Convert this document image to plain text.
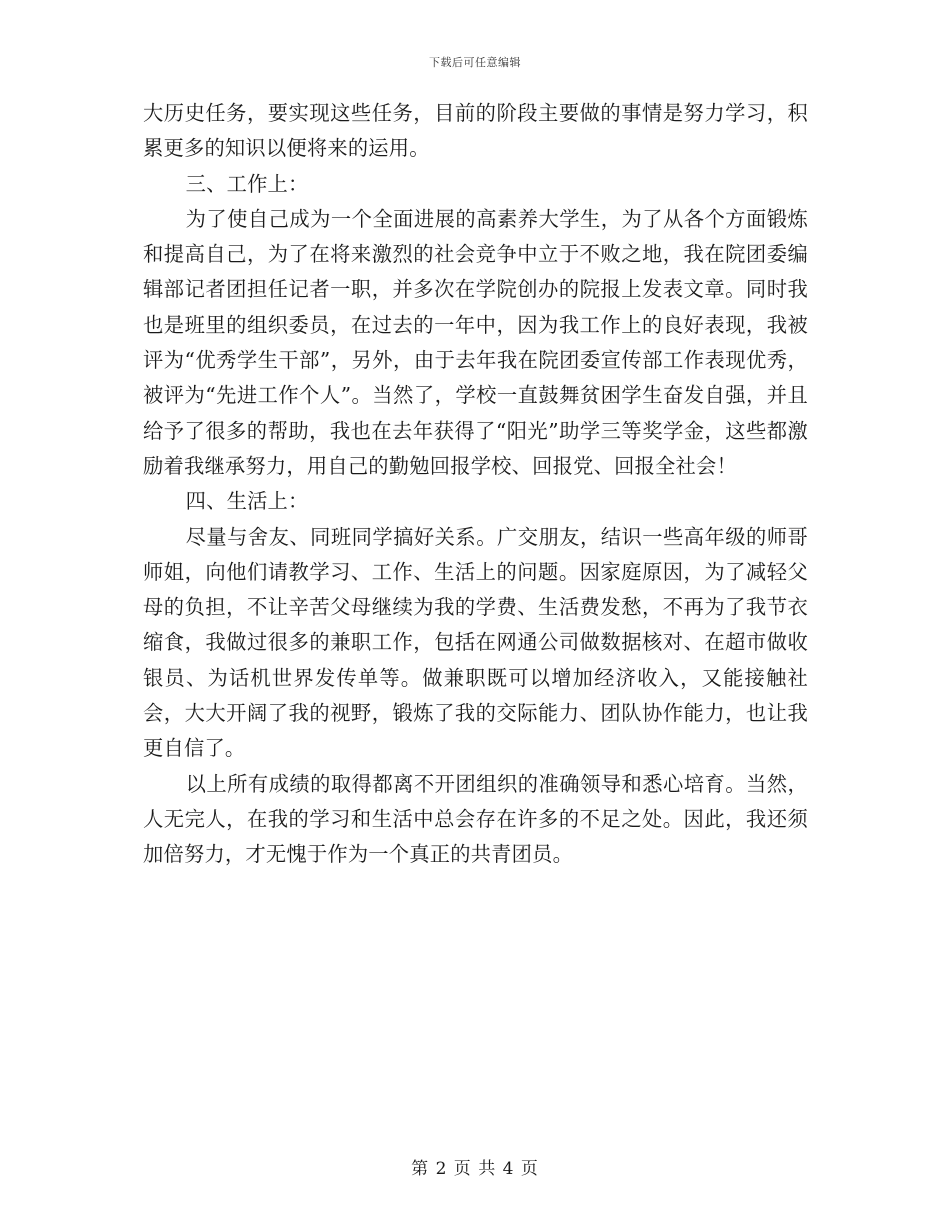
下载后可任意编辑

大历史任务，要实现这些任务，目前的阶段主要做的事情是努力学习，积累更多的知识以便将来的运用。

三、工作上：

为了使自己成为一个全面进展的高素养大学生，为了从各个方面锻炼和提高自己，为了在将来激烈的社会竞争中立于不败之地，我在院团委编辑部记者团担任记者一职，并多次在学院创办的院报上发表文章。同时我也是班里的组织委员，在过去的一年中，因为我工作上的良好表现，我被评为“优秀学生干部”，另外，由于去年我在院团委宣传部工作表现优秀，被评为“先进工作个人”。当然了，学校一直鼓舞贫困学生奋发自强，并且给予了很多的帮助，我也在去年获得了“阳光”助学三等奖学金，这些都激励着我继承努力，用自己的勤勉回报学校、回报党、回报全社会！

四、生活上：

尽量与舍友、同班同学搞好关系。广交朋友，结识一些高年级的师哥师姐，向他们请教学习、工作、生活上的问题。因家庭原因，为了减轻父母的负担，不让辛苦父母继续为我的学费、生活费发愁，不再为了我节衣缩食，我做过很多的兼职工作，包括在网通公司做数据核对、在超市做收银员、为话机世界发传单等。做兼职既可以增加经济收入，又能接触社会，大大开阔了我的视野，锻炼了我的交际能力、团队协作能力，也让我更自信了。

以上所有成绩的取得都离不开团组织的准确领导和悉心培育。当然，人无完人，在我的学习和生活中总会存在许多的不足之处。因此，我还须加倍努力，才无愧于作为一个真正的共青团员。

第 2 页 共 4 页
